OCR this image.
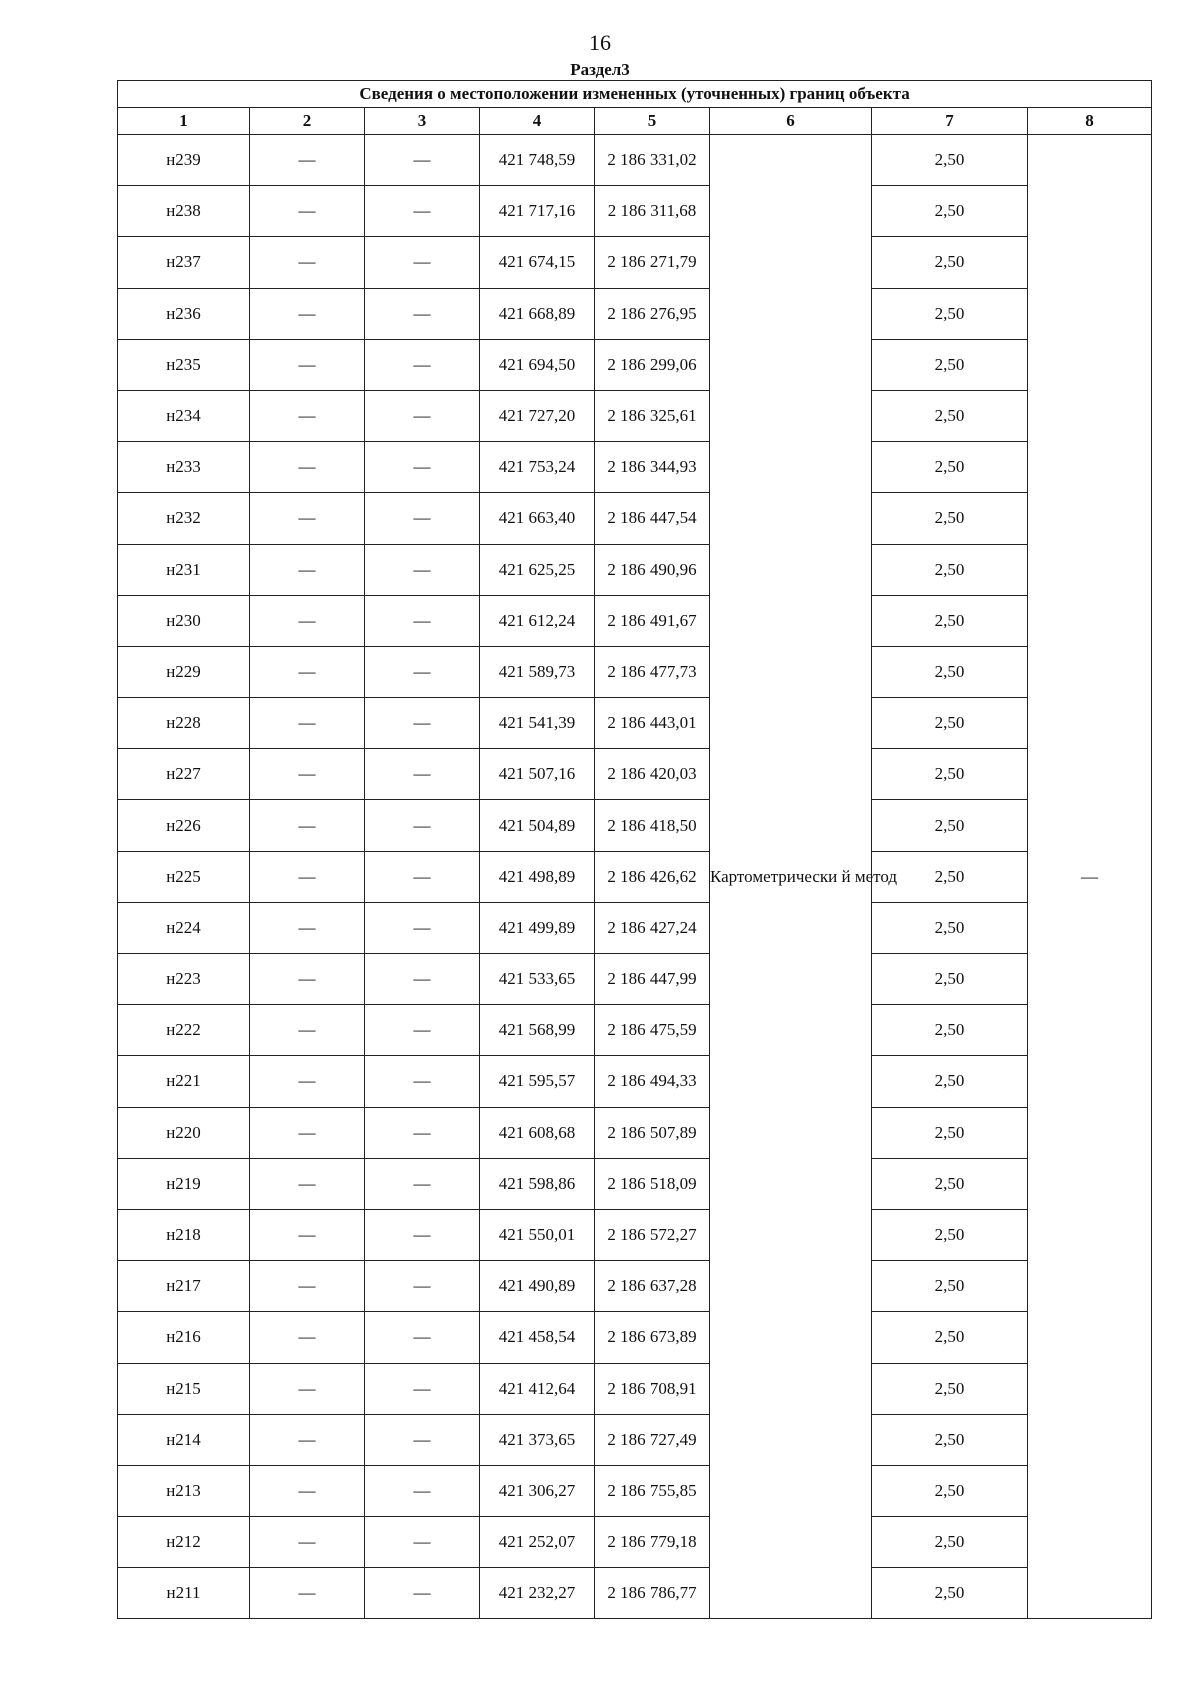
16
Раздел3
Сведения о местоположении измененных (уточненных) границ объекта							
1	2	3	4	5	6	7	8
н239	—	—	421 748,59	2 186 331,02	Картометрически й метод	2,50	—
н238	—	—	421 717,16	2 186 311,68		2,50	
н237	—	—	421 674,15	2 186 271,79		2,50	
н236	—	—	421 668,89	2 186 276,95		2,50	
н235	—	—	421 694,50	2 186 299,06		2,50	
н234	—	—	421 727,20	2 186 325,61		2,50	
н233	—	—	421 753,24	2 186 344,93		2,50	
н232	—	—	421 663,40	2 186 447,54		2,50	
н231	—	—	421 625,25	2 186 490,96		2,50	
н230	—	—	421 612,24	2 186 491,67		2,50	
н229	—	—	421 589,73	2 186 477,73		2,50	
н228	—	—	421 541,39	2 186 443,01		2,50	
н227	—	—	421 507,16	2 186 420,03		2,50	
н226	—	—	421 504,89	2 186 418,50		2,50	
н225	—	—	421 498,89	2 186 426,62		2,50	
н224	—	—	421 499,89	2 186 427,24		2,50	
н223	—	—	421 533,65	2 186 447,99		2,50	
н222	—	—	421 568,99	2 186 475,59		2,50	
н221	—	—	421 595,57	2 186 494,33		2,50	
н220	—	—	421 608,68	2 186 507,89		2,50	
н219	—	—	421 598,86	2 186 518,09		2,50	
н218	—	—	421 550,01	2 186 572,27		2,50	
н217	—	—	421 490,89	2 186 637,28		2,50	
н216	—	—	421 458,54	2 186 673,89		2,50	
н215	—	—	421 412,64	2 186 708,91		2,50	
н214	—	—	421 373,65	2 186 727,49		2,50	
н213	—	—	421 306,27	2 186 755,85		2,50	
н212	—	—	421 252,07	2 186 779,18		2,50	
н211	—	—	421 232,27	2 186 786,77		2,50	
